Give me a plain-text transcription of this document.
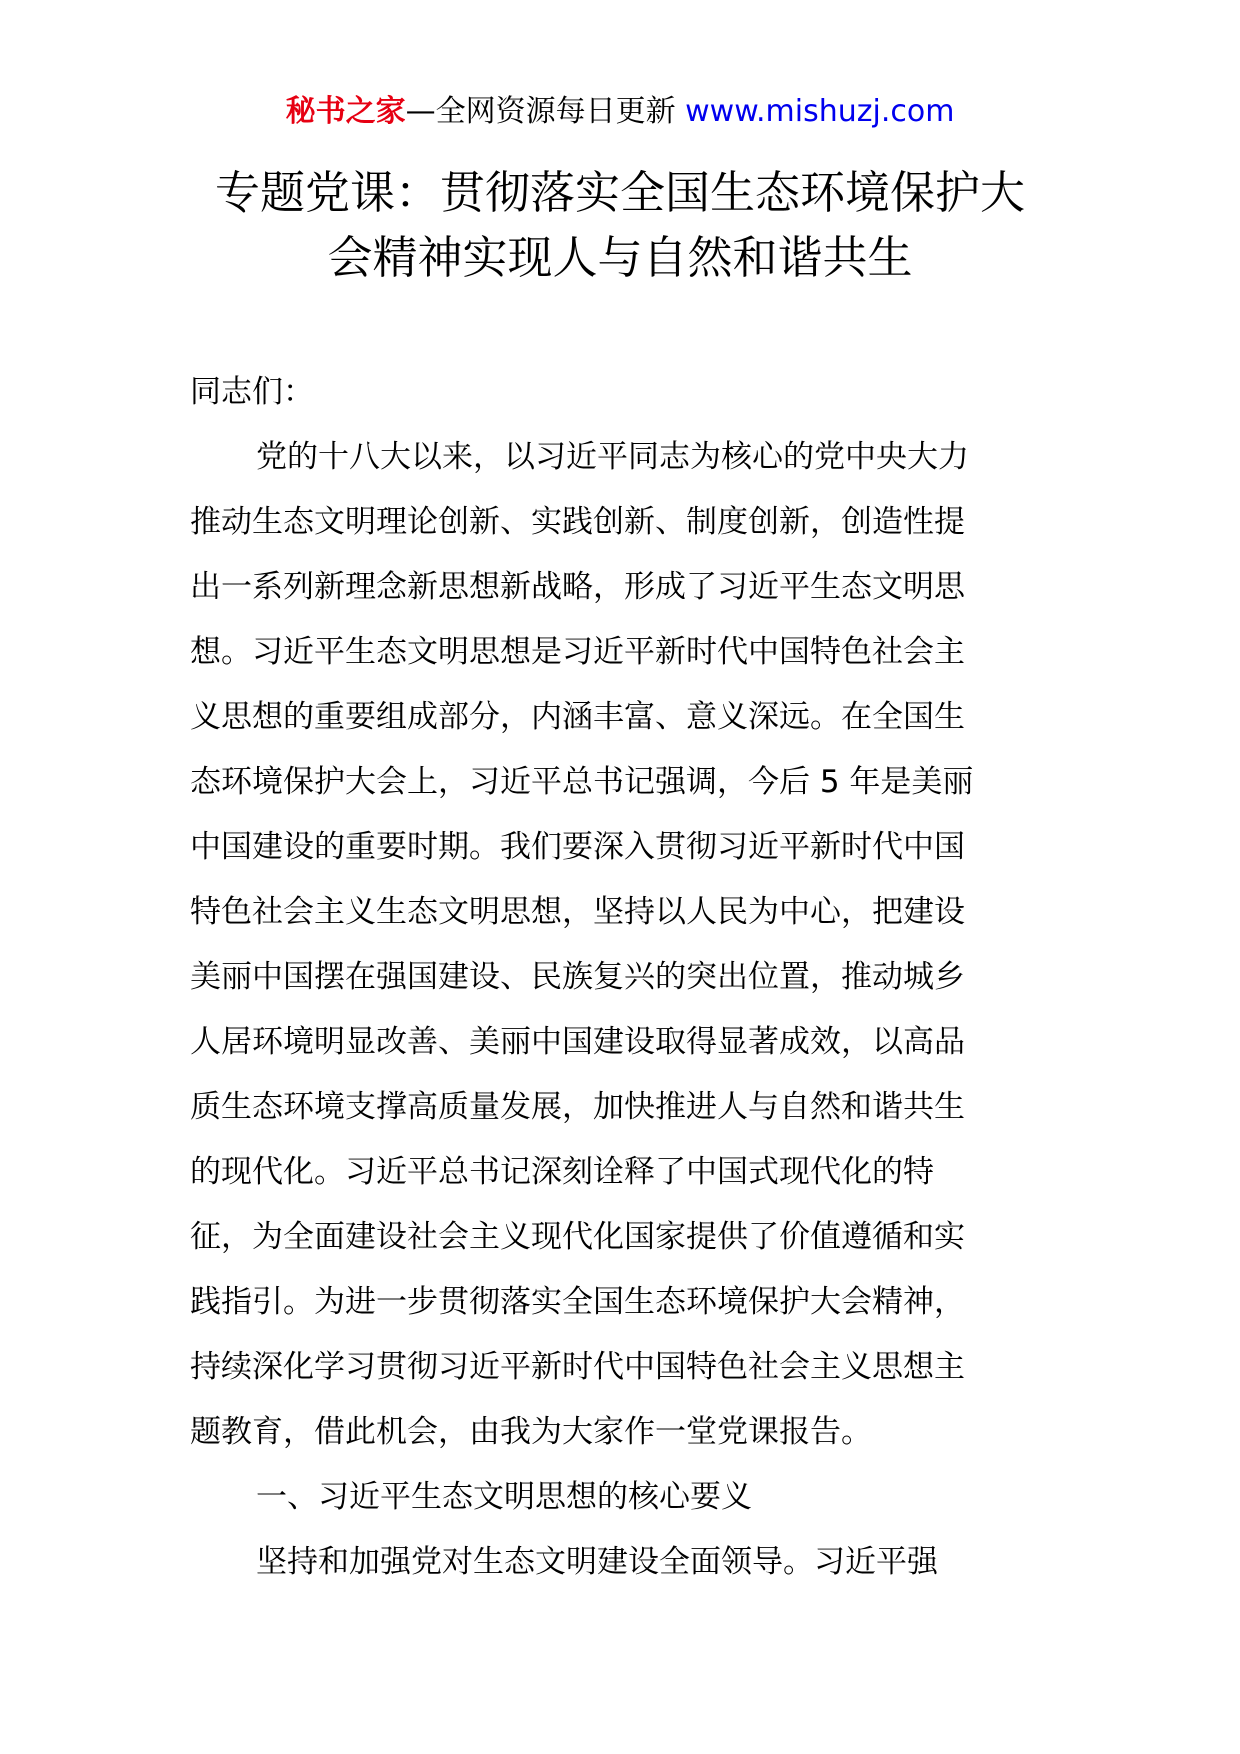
秘书之家—全网资源每日更新 www.mishuzj.com
专题党课：贯彻落实全国生态环境保护大
会精神实现人与自然和谐共生
同志们：
党的十八大以来，以习近平同志为核心的党中央大力
推动生态文明理论创新、实践创新、制度创新，创造性提
出一系列新理念新思想新战略，形成了习近平生态文明思
想。习近平生态文明思想是习近平新时代中国特色社会主
义思想的重要组成部分，内涵丰富、意义深远。在全国生
态环境保护大会上，习近平总书记强调，今后 5 年是美丽
中国建设的重要时期。我们要深入贯彻习近平新时代中国
特色社会主义生态文明思想，坚持以人民为中心，把建设
美丽中国摆在强国建设、民族复兴的突出位置，推动城乡
人居环境明显改善、美丽中国建设取得显著成效，以高品
质生态环境支撑高质量发展，加快推进人与自然和谐共生
的现代化。习近平总书记深刻诠释了中国式现代化的特
征，为全面建设社会主义现代化国家提供了价值遵循和实
践指引。为进一步贯彻落实全国生态环境保护大会精神，
持续深化学习贯彻习近平新时代中国特色社会主义思想主
题教育，借此机会，由我为大家作一堂党课报告。
一、习近平生态文明思想的核心要义
坚持和加强党对生态文明建设全面领导。习近平强
